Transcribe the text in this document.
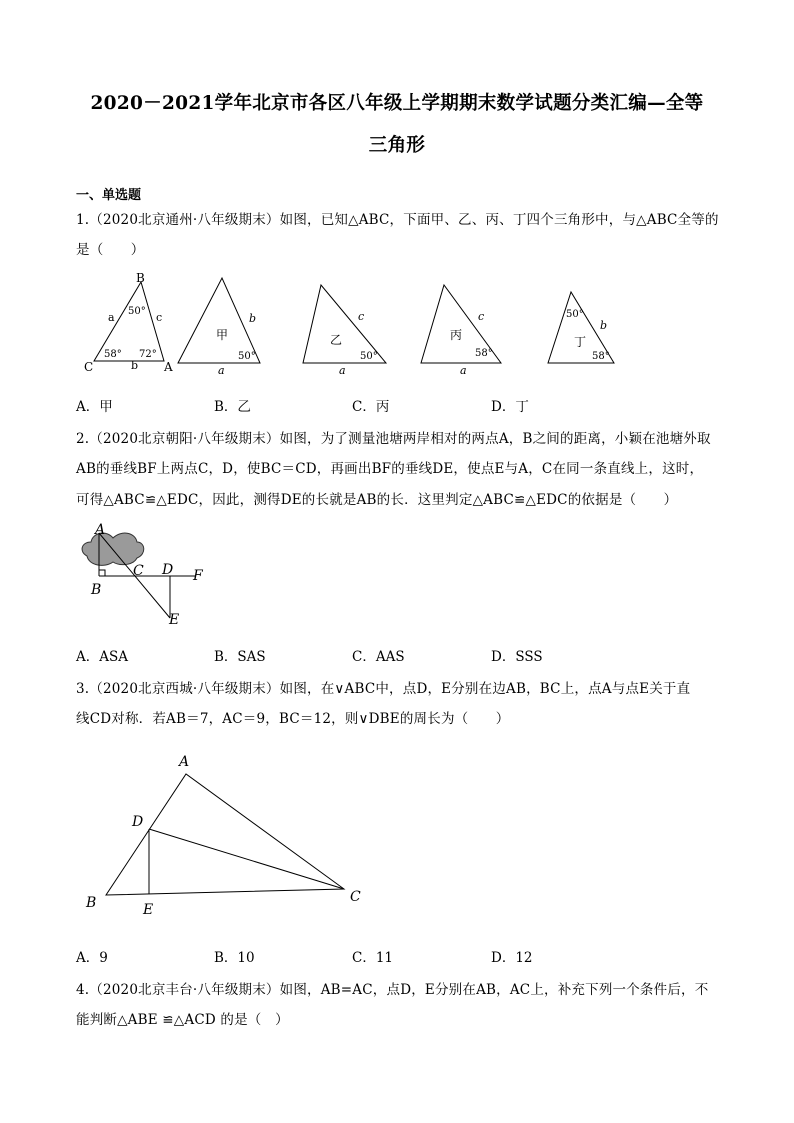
2020－2021学年北京市各区八年级上学期期末数学试题分类汇编—全等
三角形
一、单选题
1.（2020北京通州·八年级期末）如图，已知△ABC，下面甲、乙、丙、丁四个三角形中，与△ABC全等的
是（　　）
B
C	A
a	c
b
50°
58° 72°
甲
b
a
50°
乙
c
a
50°
丙
c
a
58°
丁
b
50°
58°
A．甲	B．乙	C．丙	D．丁
2.（2020北京朝阳·八年级期末）如图，为了测量池塘两岸相对的两点A，B之间的距离，小颖在池塘外取
AB的垂线BF上两点C，D，使BC＝CD，再画出BF的垂线DE，使点E与A，C在同一条直线上，这时，
可得△ABC≌△EDC，因此，测得DE的长就是AB的长．这里判定△ABC≌△EDC的依据是（　　）
A
B
C D F
E
A．ASA	B．SAS	C．AAS	D．SSS
3.（2020北京西城·八年级期末）如图，在∨ABC中，点D，E分别在边AB，BC上，点A与点E关于直
线CD对称．若AB＝7，AC＝9，BC＝12，则∨DBE的周长为（　　）
A
D
B	E
C
A．9	B．10	C．11	D．12
4.（2020北京丰台·八年级期末）如图，AB=AC，点D，E分别在AB，AC上，补充下列一个条件后，不
能判断△ABE ≌△ACD 的是（　）
